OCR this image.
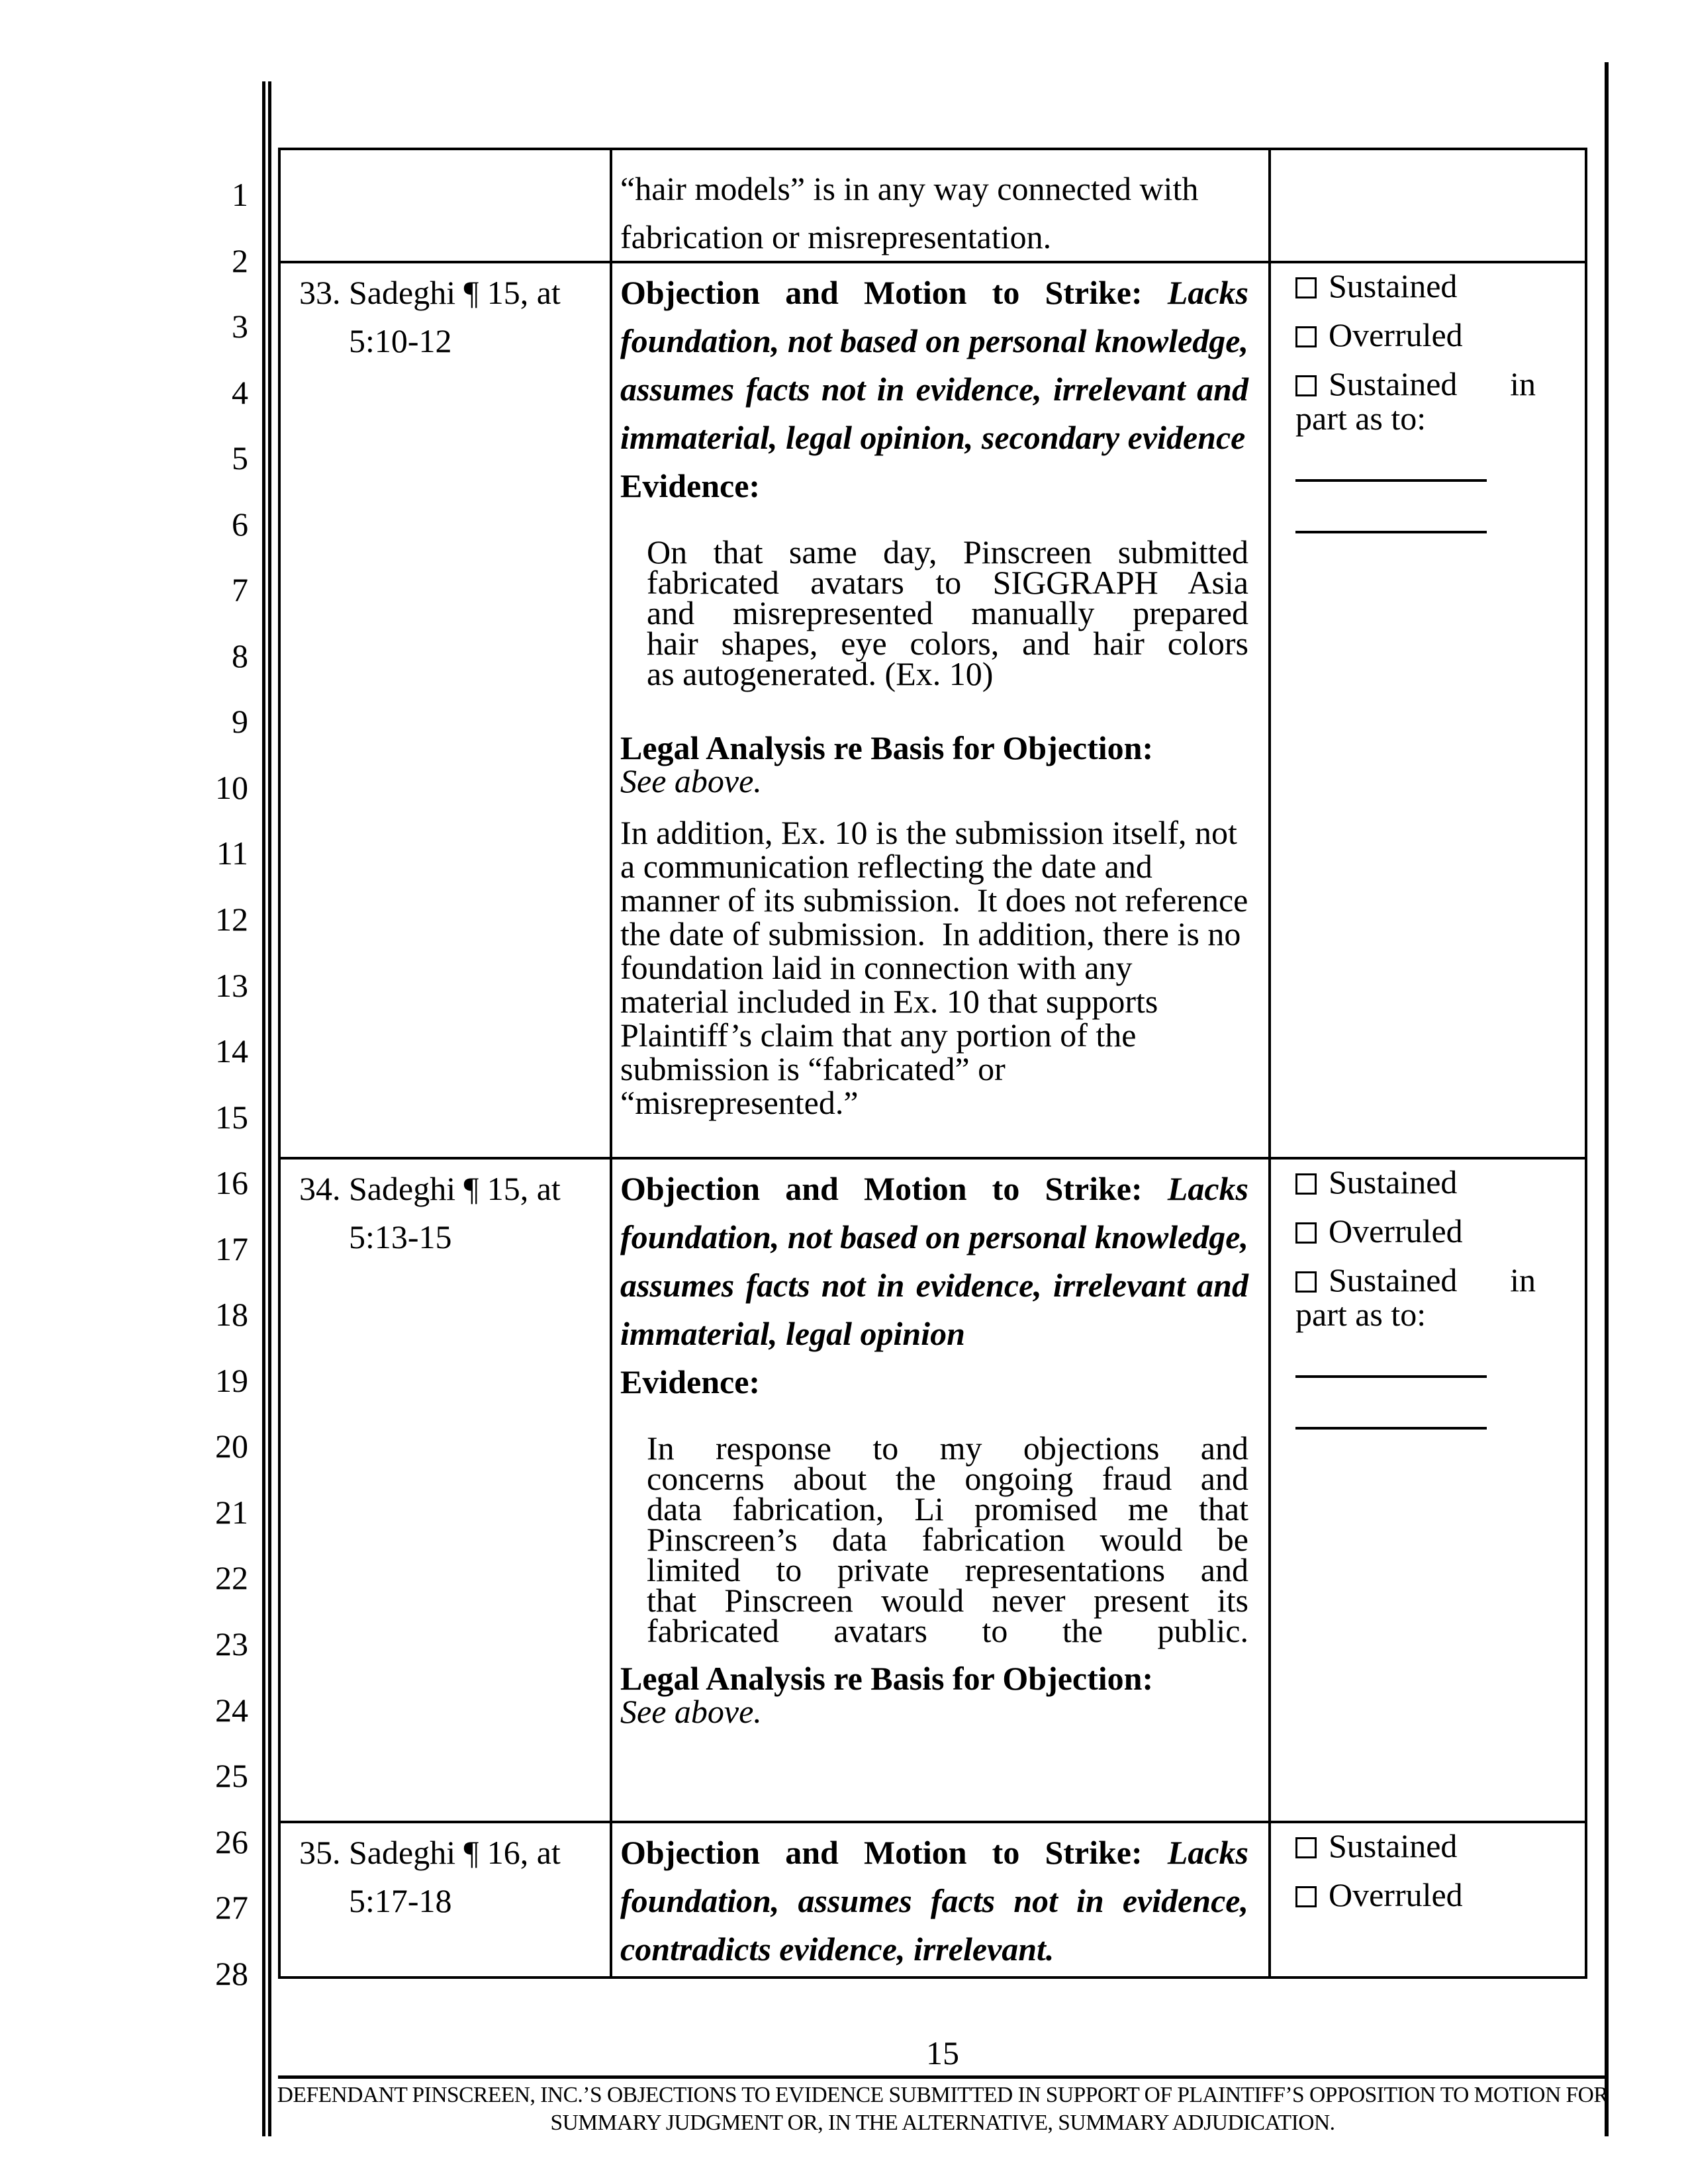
1
2
3
4
5
6
7
8
9
10
11
12
13
14
15
16
17
18
19
20
21
22
23
24
25
26
27
28

“hair models” is in any way connected with fabrication or misrepresentation.

33. Sadeghi ¶ 15, at
5:10-12

Objection and Motion to Strike: Lacks foundation, not based on personal knowledge, assumes facts not in evidence, irrelevant and immaterial, legal opinion, secondary evidence

Evidence:

On that same day, Pinscreen submitted
fabricated avatars to SIGGRAPH Asia
and misrepresented manually prepared
hair shapes, eye colors, and hair colors
as autogenerated. (Ex. 10)

Legal Analysis re Basis for Objection:
See above.

In addition, Ex. 10 is the submission itself, not a communication reflecting the date and manner of its submission.  It does not reference the date of submission.  In addition, there is no foundation laid in connection with any material included in Ex. 10 that supports Plaintiff’s claim that any portion of the submission is “fabricated” or “misrepresented.”

Sustained
Overruled
Sustained in part as to:
34. Sadeghi ¶ 15, at
5:13-15

Objection and Motion to Strike: Lacks foundation, not based on personal knowledge, assumes facts not in evidence, irrelevant and immaterial, legal opinion

Evidence:

In response to my objections and
concerns about the ongoing fraud and
data fabrication, Li promised me that
Pinscreen’s data fabrication would be
limited to private representations and
that Pinscreen would never present its
fabricated avatars to the public.

Legal Analysis re Basis for Objection:
See above.

Sustained
Overruled
Sustained in part as to:
35. Sadeghi ¶ 16, at
5:17-18

Objection and Motion to Strike: Lacks foundation, assumes facts not in evidence, contradicts evidence, irrelevant.

Sustained
Overruled
15
DEFENDANT PINSCREEN, INC.’S OBJECTIONS TO EVIDENCE SUBMITTED IN SUPPORT OF PLAINTIFF’S OPPOSITION TO MOTION FOR
SUMMARY JUDGMENT OR, IN THE ALTERNATIVE, SUMMARY ADJUDICATION.
